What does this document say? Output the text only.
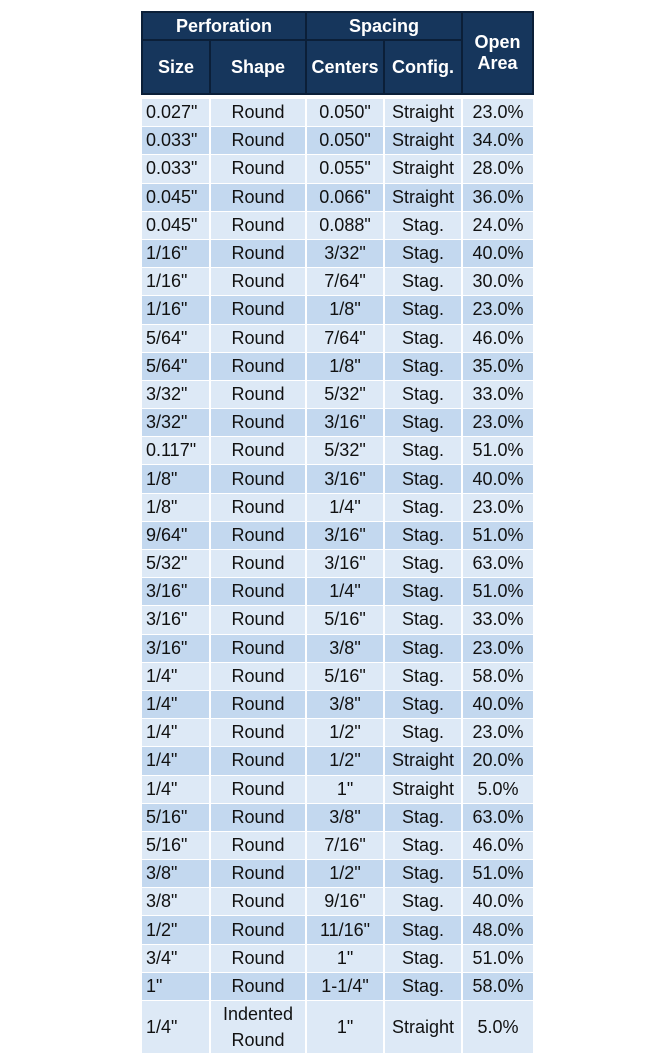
Perforation		Spacing		Open Area
Size	Shape	Centers	Config.	

0.027"	Round	0.050"	Straight	23.0%
0.033"	Round	0.050"	Straight	34.0%
0.033"	Round	0.055"	Straight	28.0%
0.045"	Round	0.066"	Straight	36.0%
0.045"	Round	0.088"	Stag.	24.0%
1/16"	Round	3/32"	Stag.	40.0%
1/16"	Round	7/64"	Stag.	30.0%
1/16"	Round	1/8"	Stag.	23.0%
5/64"	Round	7/64"	Stag.	46.0%
5/64"	Round	1/8"	Stag.	35.0%
3/32"	Round	5/32"	Stag.	33.0%
3/32"	Round	3/16"	Stag.	23.0%
0.117"	Round	5/32"	Stag.	51.0%
1/8"	Round	3/16"	Stag.	40.0%
1/8"	Round	1/4"	Stag.	23.0%
9/64"	Round	3/16"	Stag.	51.0%
5/32"	Round	3/16"	Stag.	63.0%
3/16"	Round	1/4"	Stag.	51.0%
3/16"	Round	5/16"	Stag.	33.0%
3/16"	Round	3/8"	Stag.	23.0%
1/4"	Round	5/16"	Stag.	58.0%
1/4"	Round	3/8"	Stag.	40.0%
1/4"	Round	1/2"	Stag.	23.0%
1/4"	Round	1/2"	Straight	20.0%
1/4"	Round	1"	Straight	5.0%
5/16"	Round	3/8"	Stag.	63.0%
5/16"	Round	7/16"	Stag.	46.0%
3/8"	Round	1/2"	Stag.	51.0%
3/8"	Round	9/16"	Stag.	40.0%
1/2"	Round	11/16"	Stag.	48.0%
3/4"	Round	1"	Stag.	51.0%
1"	Round	1-1/4"	Stag.	58.0%
1/4"	Indented Round	1"	Straight	5.0%
